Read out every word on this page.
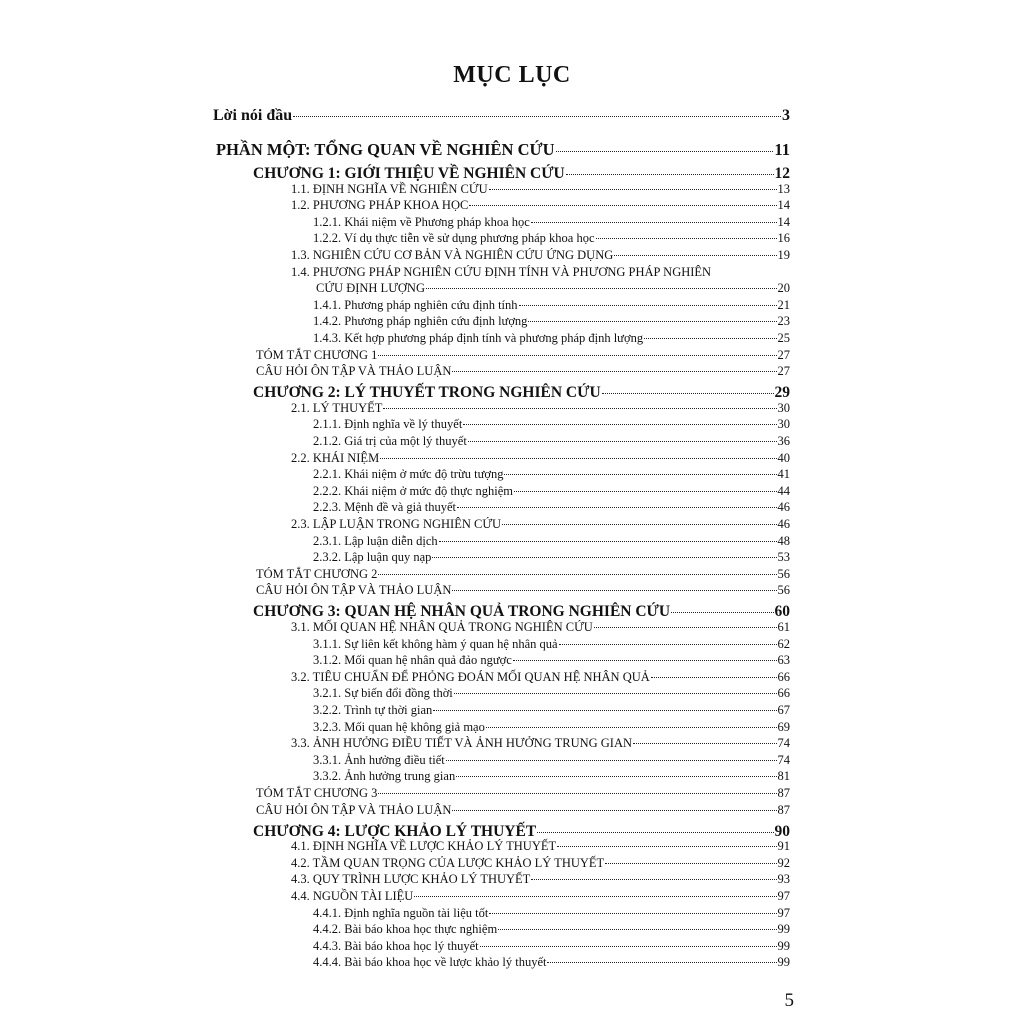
MỤC LỤC
Lời nói đầu	3
PHẦN MỘT: TỔNG QUAN VỀ NGHIÊN CỨU	11
CHƯƠNG 1: GIỚI THIỆU VỀ NGHIÊN CỨU	12
1.1. ĐỊNH NGHĨA VỀ NGHIÊN CỨU	13
1.2. PHƯƠNG PHÁP KHOA HỌC	14
1.2.1. Khái niệm về Phương pháp khoa học	14
1.2.2. Ví dụ thực tiễn về sử dụng phương pháp khoa học	16
1.3. NGHIÊN CỨU CƠ BẢN VÀ NGHIÊN CỨU ỨNG DỤNG	19
1.4. PHƯƠNG PHÁP NGHIÊN CỨU ĐỊNH TÍNH VÀ PHƯƠNG PHÁP NGHIÊN
CỨU ĐỊNH LƯỢNG	20
1.4.1. Phương pháp nghiên cứu định tính	21
1.4.2. Phương pháp nghiên cứu định lượng	23
1.4.3. Kết hợp phương pháp định tính và phương pháp định lượng	25
TÓM TẮT CHƯƠNG 1	27
CÂU HỎI ÔN TẬP VÀ THẢO LUẬN	27
CHƯƠNG 2: LÝ THUYẾT TRONG NGHIÊN CỨU	29
2.1. LÝ THUYẾT	30
2.1.1. Định nghĩa về lý thuyết	30
2.1.2. Giá trị của một lý thuyết	36
2.2. KHÁI NIỆM	40
2.2.1. Khái niệm ở mức độ trừu tượng	41
2.2.2. Khái niệm ở mức độ thực nghiệm	44
2.2.3. Mệnh đề và giả thuyết	46
2.3. LẬP LUẬN TRONG NGHIÊN CỨU	46
2.3.1. Lập luận diễn dịch	48
2.3.2. Lập luận quy nạp	53
TÓM TẮT CHƯƠNG 2	56
CÂU HỎI ÔN TẬP VÀ THẢO LUẬN	56
CHƯƠNG 3: QUAN HỆ NHÂN QUẢ TRONG NGHIÊN CỨU	60
3.1. MỐI QUAN HỆ NHÂN QUẢ TRONG NGHIÊN CỨU	61
3.1.1. Sự liên kết không hàm ý quan hệ nhân quả	62
3.1.2. Mối quan hệ nhân quả đảo ngược	63
3.2. TIÊU CHUẨN ĐỂ PHỎNG ĐOÁN MỐI QUAN HỆ NHÂN QUẢ	66
3.2.1. Sự biến đổi đồng thời	66
3.2.2. Trình tự thời gian	67
3.2.3. Mối quan hệ không giả mạo	69
3.3. ẢNH HƯỞNG ĐIỀU TIẾT VÀ ẢNH HƯỞNG TRUNG GIAN	74
3.3.1. Ảnh hưởng điều tiết	74
3.3.2. Ảnh hưởng trung gian	81
TÓM TẮT CHƯƠNG 3	87
CÂU HỎI ÔN TẬP VÀ THẢO LUẬN	87
CHƯƠNG 4: LƯỢC KHẢO LÝ THUYẾT	90
4.1. ĐỊNH NGHĨA VỀ LƯỢC KHẢO LÝ THUYẾT	91
4.2. TẦM QUAN TRỌNG CỦA LƯỢC KHẢO LÝ THUYẾT	92
4.3. QUY TRÌNH LƯỢC KHẢO LÝ THUYẾT	93
4.4. NGUỒN TÀI LIỆU	97
4.4.1. Định nghĩa nguồn tài liệu tốt	97
4.4.2. Bài báo khoa học thực nghiệm	99
4.4.3. Bài báo khoa học lý thuyết	99
4.4.4. Bài báo khoa học về lược khảo lý thuyết	99
5
